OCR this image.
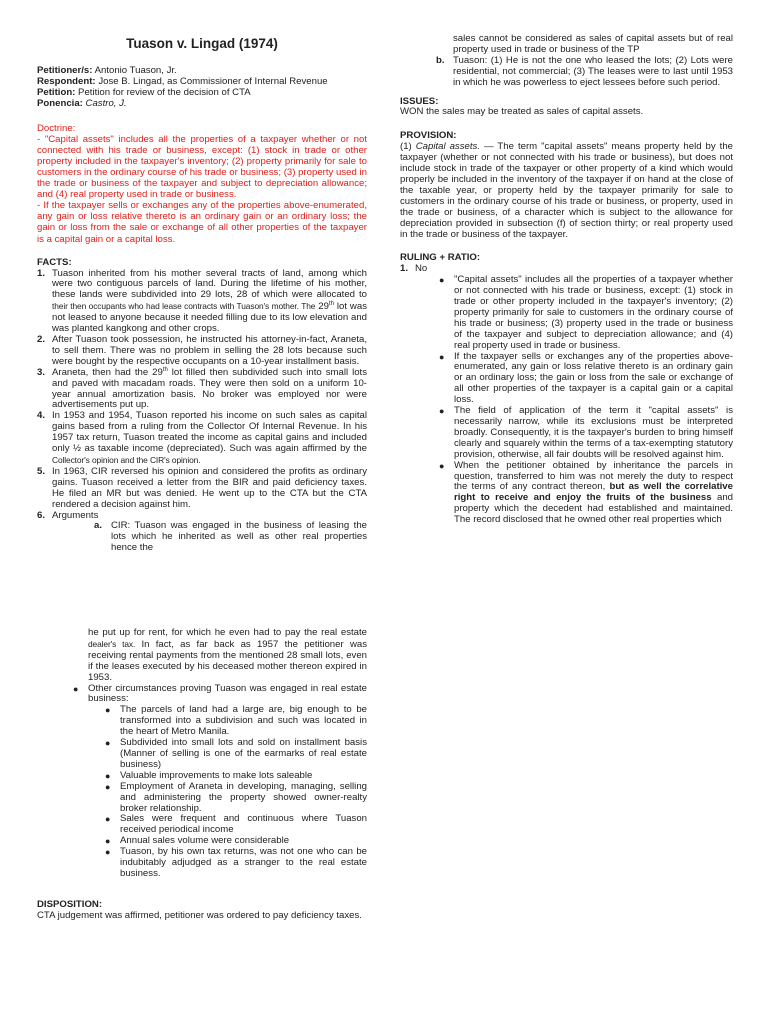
Tuason v. Lingad (1974)
Petitioner/s: Antonio Tuason, Jr.
Respondent: Jose B. Lingad, as Commissioner of Internal Revenue
Petition: Petition for review of the decision of CTA
Ponencia: Castro, J.
Doctrine:
- "Capital assets" includes all the properties of a taxpayer whether or not connected with his trade or business, except: (1) stock in trade or other property included in the taxpayer's inventory; (2) property primarily for sale to customers in the ordinary course of his trade or business; (3) property used in the trade or business of the taxpayer and subject to depreciation allowance; and (4) real property used in trade or business.
- If the taxpayer sells or exchanges any of the properties above-enumerated, any gain or loss relative thereto is an ordinary gain or an ordinary loss; the gain or loss from the sale or exchange of all other properties of the taxpayer is a capital gain or a capital loss.
FACTS:
1. Tuason inherited from his mother several tracts of land, among which were two contiguous parcels of land. During the lifetime of his mother, these lands were subdivided into 29 lots, 28 of which were allocated to their then occupants who had lease contracts with Tuason's mother. The 29th lot was not leased to anyone because it needed filling due to its low elevation and was planted kangkong and other crops.
2. After Tuason took possession, he instructed his attorney-in-fact, Araneta, to sell them. There was no problem in selling the 28 lots because such were bought by the respective occupants on a 10-year installment basis.
3. Araneta, then had the 29th lot filled then subdivided such into small lots and paved with macadam roads. They were then sold on a uniform 10-year annual amortization basis. No broker was employed nor were advertisements put up.
4. In 1953 and 1954, Tuason reported his income on such sales as capital gains based from a ruling from the Collector Of Internal Revenue. In his 1957 tax return, Tuason treated the income as capital gains and included only ½ as taxable income (depreciated). Such was again affirmed by the Collector's opinion and the CIR's opinion.
5. In 1963, CIR reversed his opinion and considered the profits as ordinary gains. Tuason received a letter from the BIR and paid deficiency taxes. He filed an MR but was denied. He went up to the CTA but the CTA rendered a decision against him.
6. Arguments
a. CIR: Tuason was engaged in the business of leasing the lots which he inherited as well as other real properties hence the
sales cannot be considered as sales of capital assets but of real property used in trade or business of the TP
b. Tuason: (1) He is not the one who leased the lots; (2) Lots were residential, not commercial; (3) The leases were to last until 1953 in which he was powerless to eject lessees before such period.
ISSUES:
WON the sales may be treated as sales of capital assets.
PROVISION:
(1) Capital assets. — The term "capital assets" means property held by the taxpayer (whether or not connected with his trade or business), but does not include stock in trade of the taxpayer or other property of a kind which would properly be included in the inventory of the taxpayer if on hand at the close of the taxable year, or property held by the taxpayer primarily for sale to customers in the ordinary course of his trade or business, or property, used in the trade or business, of a character which is subject to the allowance for depreciation provided in subsection (f) of section thirty; or real property used in the trade or business of the taxpayer.
RULING + RATIO:
1. No
● "Capital assets" includes all the properties of a taxpayer whether or not connected with his trade or business, except: (1) stock in trade or other property included in the taxpayer's inventory; (2) property primarily for sale to customers in the ordinary course of his trade or business; (3) property used in the trade or business of the taxpayer and subject to depreciation allowance; and (4) real property used in trade or business.
● If the taxpayer sells or exchanges any of the properties above-enumerated, any gain or loss relative thereto is an ordinary gain or an ordinary loss; the gain or loss from the sale or exchange of all other properties of the taxpayer is a capital gain or a capital loss.
● The field of application of the term it "capital assets" is necessarily narrow, while its exclusions must be interpreted broadly. Consequently, it is the taxpayer's burden to bring himself clearly and squarely within the terms of a tax-exempting statutory provision, otherwise, all fair doubts will be resolved against him.
● When the petitioner obtained by inheritance the parcels in question, transferred to him was not merely the duty to respect the terms of any contract thereon, but as well the correlative right to receive and enjoy the fruits of the business and property which the decedent had established and maintained. The record disclosed that he owned other real properties which
he put up for rent, for which he even had to pay the real estate dealer's tax. In fact, as far back as 1957 the petitioner was receiving rental payments from the mentioned 28 small lots, even if the leases executed by his deceased mother thereon expired in 1953.
● Other circumstances proving Tuason was engaged in real estate business:
● The parcels of land had a large are, big enough to be transformed into a subdivision and such was located in the heart of Metro Manila.
● Subdivided into small lots and sold on installment basis (Manner of selling is one of the earmarks of real estate business)
● Valuable improvements to make lots saleable
● Employment of Araneta in developing, managing, selling and administering the property showed owner-realty broker relationship.
● Sales were frequent and continuous where Tuason received periodical income
● Annual sales volume were considerable
● Tuason, by his own tax returns, was not one who can be indubitably adjudged as a stranger to the real estate business.
DISPOSITION:
CTA judgement was affirmed, petitioner was ordered to pay deficiency taxes.
